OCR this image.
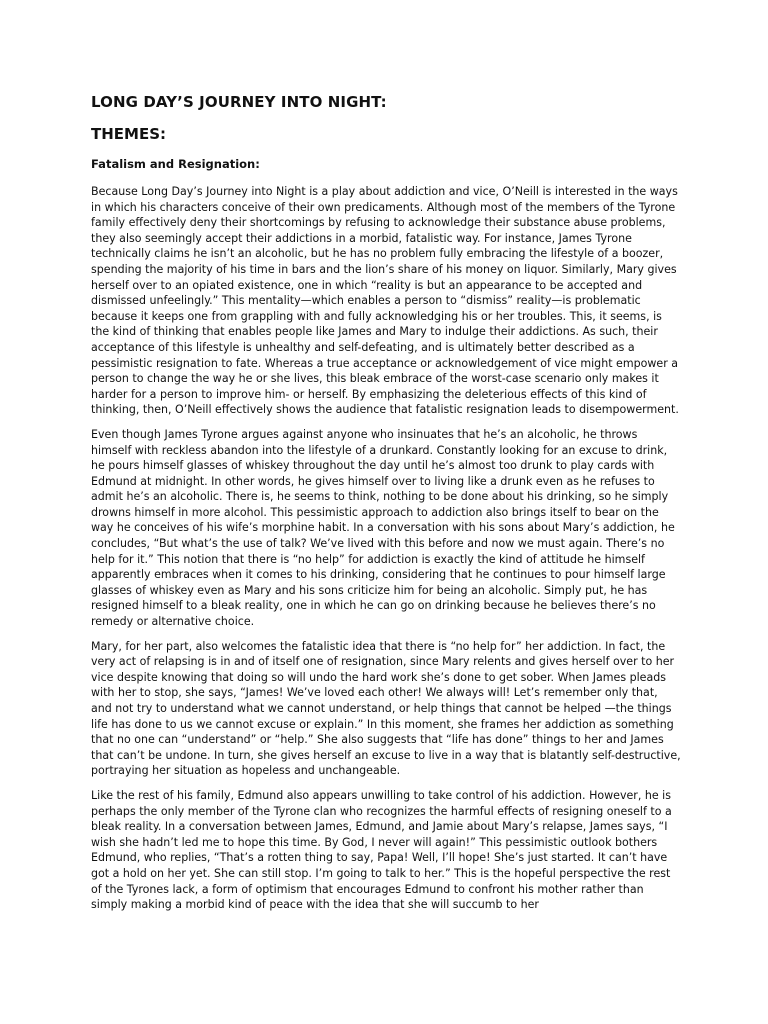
LONG DAY’S JOURNEY INTO NIGHT:
THEMES:
Fatalism and Resignation:

Because Long Day’s Journey into Night is a play about addiction and vice, O’Neill is interested in the ways in which his characters conceive of their own predicaments. Although most of the members of the Tyrone family effectively deny their shortcomings by refusing to acknowledge their substance abuse problems, they also seemingly accept their addictions in a morbid, fatalistic way. For instance, James Tyrone technically claims he isn’t an alcoholic, but he has no problem fully embracing the lifestyle of a boozer, spending the majority of his time in bars and the lion’s share of his money on liquor. Similarly, Mary gives herself over to an opiated existence, one in which “reality is but an appearance to be accepted and dismissed unfeelingly.” This mentality—which enables a person to “dismiss” reality—is problematic because it keeps one from grappling with and fully acknowledging his or her troubles. This, it seems, is the kind of thinking that enables people like James and Mary to indulge their addictions. As such, their acceptance of this lifestyle is unhealthy and self-defeating, and is ultimately better described as a pessimistic resignation to fate. Whereas a true acceptance or acknowledgement of vice might empower a person to change the way he or she lives, this bleak embrace of the worst-case scenario only makes it harder for a person to improve him- or herself. By emphasizing the deleterious effects of this kind of thinking, then, O’Neill effectively shows the audience that fatalistic resignation leads to disempowerment.

Even though James Tyrone argues against anyone who insinuates that he’s an alcoholic, he throws himself with reckless abandon into the lifestyle of a drunkard. Constantly looking for an excuse to drink, he pours himself glasses of whiskey throughout the day until he’s almost too drunk to play cards with Edmund at midnight. In other words, he gives himself over to living like a drunk even as he refuses to admit he’s an alcoholic. There is, he seems to think, nothing to be done about his drinking, so he simply drowns himself in more alcohol. This pessimistic approach to addiction also brings itself to bear on the way he conceives of his wife’s morphine habit. In a conversation with his sons about Mary’s addiction, he concludes, “But what’s the use of talk? We’ve lived with this before and now we must again. There’s no help for it.” This notion that there is “no help” for addiction is exactly the kind of attitude he himself apparently embraces when it comes to his drinking, considering that he continues to pour himself large glasses of whiskey even as Mary and his sons criticize him for being an alcoholic. Simply put, he has resigned himself to a bleak reality, one in which he can go on drinking because he believes there’s no remedy or alternative choice.

Mary, for her part, also welcomes the fatalistic idea that there is “no help for” her addiction. In fact, the very act of relapsing is in and of itself one of resignation, since Mary relents and gives herself over to her vice despite knowing that doing so will undo the hard work she’s done to get sober. When James pleads with her to stop, she says, “James! We’ve loved each other! We always will! Let’s remember only that, and not try to understand what we cannot understand, or help things that cannot be helped —the things life has done to us we cannot excuse or explain.” In this moment, she frames her addiction as something that no one can “understand” or “help.” She also suggests that “life has done” things to her and James that can’t be undone. In turn, she gives herself an excuse to live in a way that is blatantly self-destructive, portraying her situation as hopeless and unchangeable.

Like the rest of his family, Edmund also appears unwilling to take control of his addiction. However, he is perhaps the only member of the Tyrone clan who recognizes the harmful effects of resigning oneself to a bleak reality. In a conversation between James, Edmund, and Jamie about Mary’s relapse, James says, “I wish she hadn’t led me to hope this time. By God, I never will again!” This pessimistic outlook bothers Edmund, who replies, “That’s a rotten thing to say, Papa! Well, I’ll hope! She’s just started. It can’t have got a hold on her yet. She can still stop. I’m going to talk to her.” This is the hopeful perspective the rest of the Tyrones lack, a form of optimism that encourages Edmund to confront his mother rather than simply making a morbid kind of peace with the idea that she will succumb to her
